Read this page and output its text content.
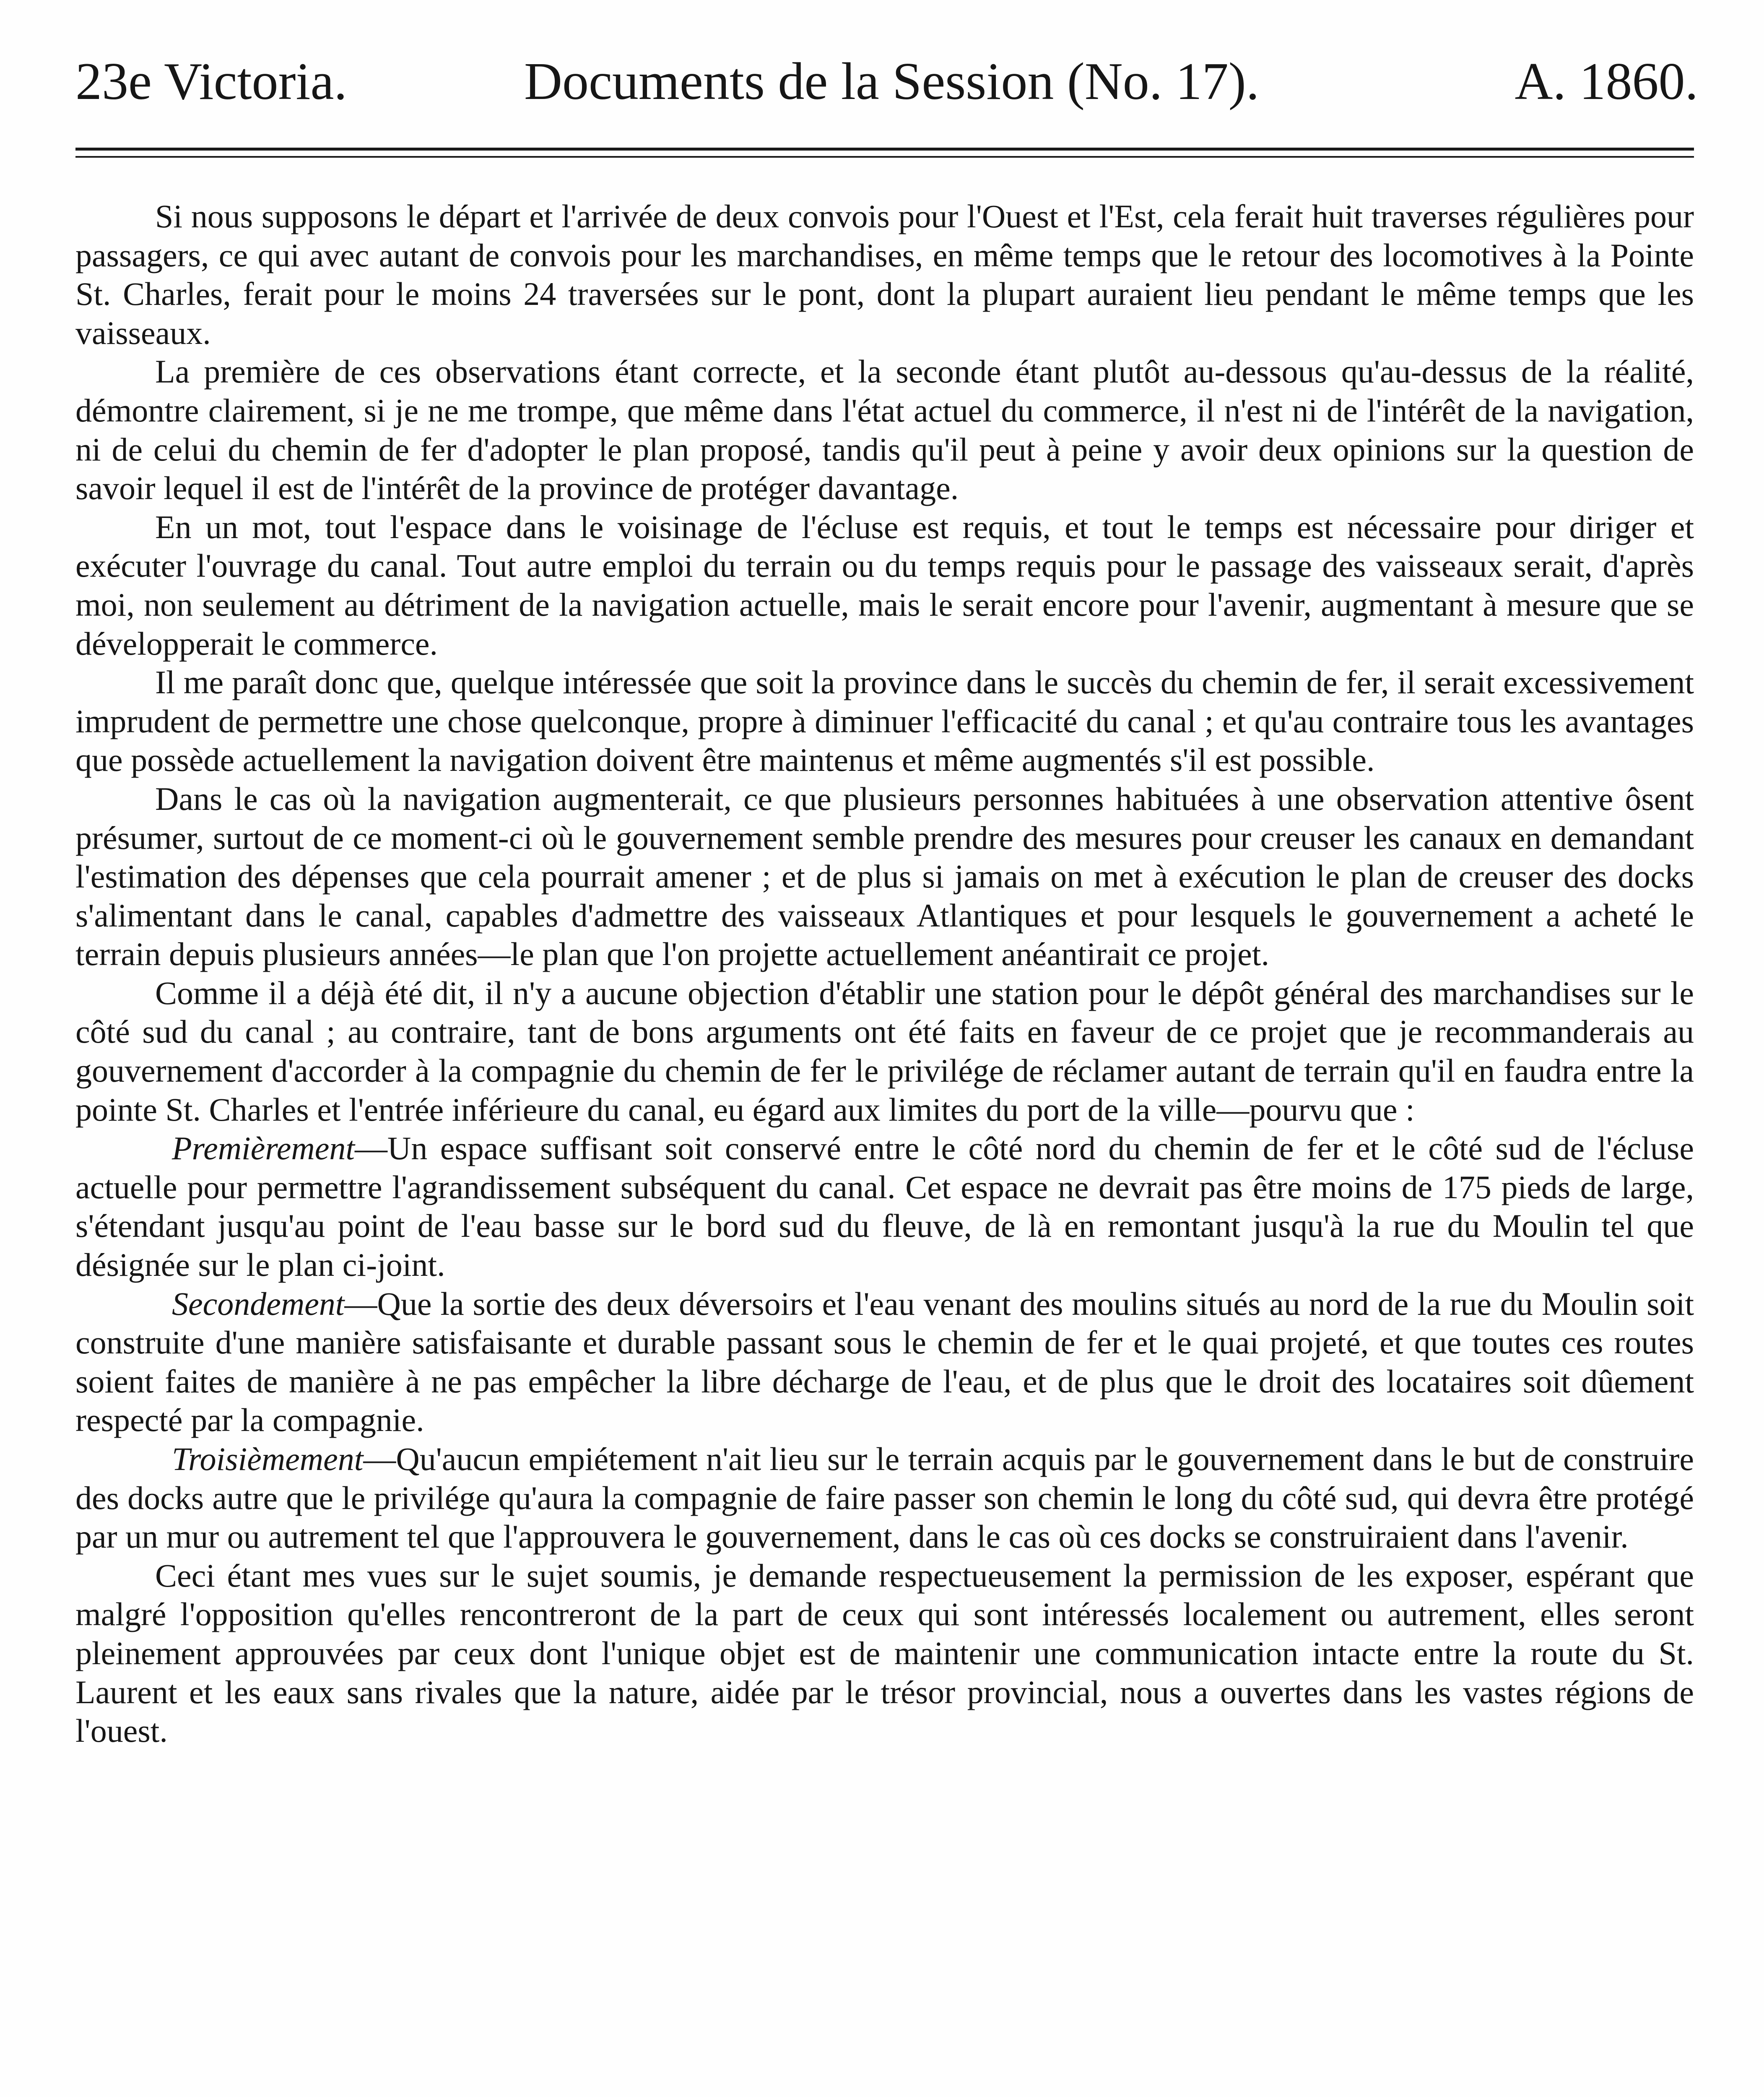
23e Victoria.	Documents de la Session (No. 17).	A. 1860.

Si nous supposons le départ et l'arrivée de deux convois pour l'Ouest et l'Est, cela ferait huit traverses régulières pour passagers, ce qui avec autant de convois pour les marchandises, en même temps que le retour des locomotives à la Pointe St. Charles, ferait pour le moins 24 traversées sur le pont, dont la plupart auraient lieu pendant le même temps que les vaisseaux.

La première de ces observations étant correcte, et la seconde étant plutôt au-dessous qu'au-dessus de la réalité, démontre clairement, si je ne me trompe, que même dans l'état actuel du commerce, il n'est ni de l'intérêt de la navigation, ni de celui du chemin de fer d'adopter le plan proposé, tandis qu'il peut à peine y avoir deux opinions sur la question de savoir lequel il est de l'intérêt de la province de protéger davantage.

En un mot, tout l'espace dans le voisinage de l'écluse est requis, et tout le temps est nécessaire pour diriger et exécuter l'ouvrage du canal. Tout autre emploi du terrain ou du temps requis pour le passage des vaisseaux serait, d'après moi, non seulement au détriment de la navigation actuelle, mais le serait encore pour l'avenir, augmentant à mesure que se développerait le commerce.

Il me paraît donc que, quelque intéressée que soit la province dans le succès du chemin de fer, il serait excessivement imprudent de permettre une chose quelconque, propre à diminuer l'efficacité du canal ; et qu'au contraire tous les avantages que possède actuellement la navigation doivent être maintenus et même augmentés s'il est possible.

Dans le cas où la navigation augmenterait, ce que plusieurs personnes habituées à une observation attentive ôsent présumer, surtout de ce moment-ci où le gouvernement semble prendre des mesures pour creuser les canaux en demandant l'estimation des dépenses que cela pourrait amener ; et de plus si jamais on met à exécution le plan de creuser des docks s'alimentant dans le canal, capables d'admettre des vaisseaux Atlantiques et pour lesquels le gouvernement a acheté le terrain depuis plusieurs années—le plan que l'on projette actuellement anéantirait ce projet.

Comme il a déjà été dit, il n'y a aucune objection d'établir une station pour le dépôt général des marchandises sur le côté sud du canal ; au contraire, tant de bons arguments ont été faits en faveur de ce projet que je recommanderais au gouvernement d'accorder à la compagnie du chemin de fer le privilége de réclamer autant de terrain qu'il en faudra entre la pointe St. Charles et l'entrée inférieure du canal, eu égard aux limites du port de la ville—pourvu que :

Premièrement—Un espace suffisant soit conservé entre le côté nord du chemin de fer et le côté sud de l'écluse actuelle pour permettre l'agrandissement subséquent du canal. Cet espace ne devrait pas être moins de 175 pieds de large, s'étendant jusqu'au point de l'eau basse sur le bord sud du fleuve, de là en remontant jusqu'à la rue du Moulin tel que désignée sur le plan ci-joint.

Secondement—Que la sortie des deux déversoirs et l'eau venant des moulins situés au nord de la rue du Moulin soit construite d'une manière satisfaisante et durable passant sous le chemin de fer et le quai projeté, et que toutes ces routes soient faites de manière à ne pas empêcher la libre décharge de l'eau, et de plus que le droit des locataires soit dûement respecté par la compagnie.

Troisièmement—Qu'aucun empiétement n'ait lieu sur le terrain acquis par le gouvernement dans le but de construire des docks autre que le privilége qu'aura la compagnie de faire passer son chemin le long du côté sud, qui devra être protégé par un mur ou autrement tel que l'approuvera le gouvernement, dans le cas où ces docks se construiraient dans l'avenir.

Ceci étant mes vues sur le sujet soumis, je demande respectueusement la permission de les exposer, espérant que malgré l'opposition qu'elles rencontreront de la part de ceux qui sont intéressés localement ou autrement, elles seront pleinement approuvées par ceux dont l'unique objet est de maintenir une communication intacte entre la route du St. Laurent et les eaux sans rivales que la nature, aidée par le trésor provincial, nous a ouvertes dans les vastes régions de l'ouest.
